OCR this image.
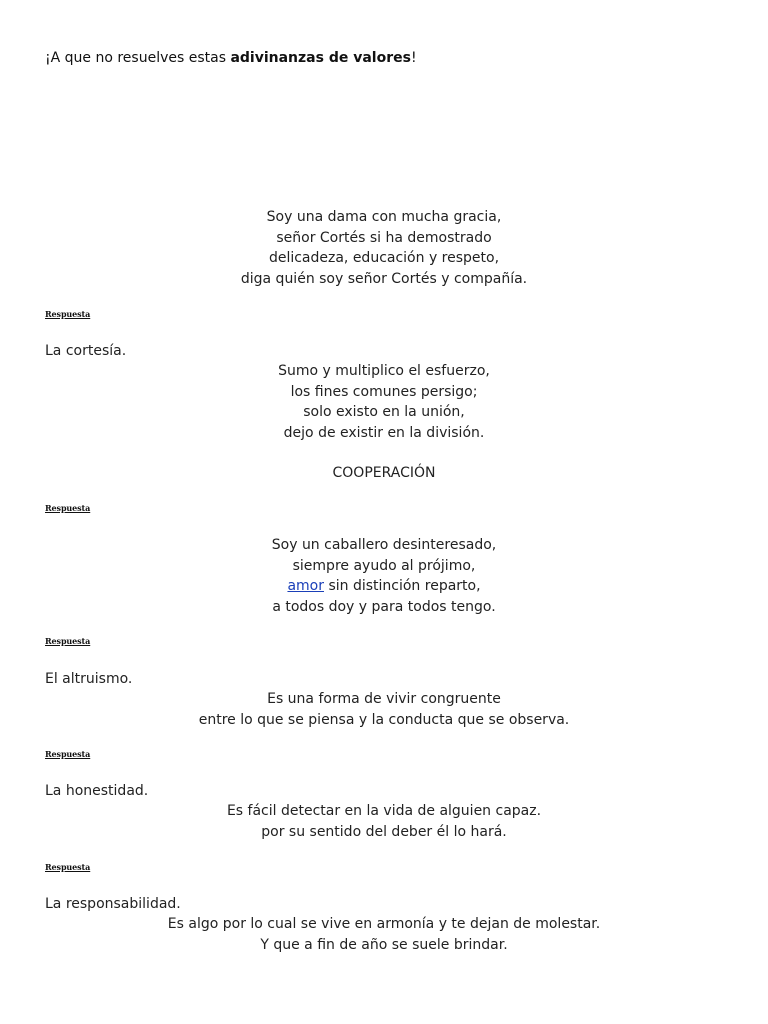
¡A que no resuelves estas adivinanzas de valores!
Soy una dama con mucha gracia,
señor Cortés si ha demostrado
delicadeza, educación y respeto,
diga quién soy señor Cortés y compañía.
Respuesta
La cortesía.
Sumo y multiplico el esfuerzo,
los fines comunes persigo;
solo existo en la unión,
dejo de existir en la división.
COOPERACIÓN
Respuesta
Soy un caballero desinteresado,
siempre ayudo al prójimo,
amor sin distinción reparto,
a todos doy y para todos tengo.
Respuesta
El altruismo.
Es una forma de vivir congruente
entre lo que se piensa y la conducta que se observa.
Respuesta
La honestidad.
Es fácil detectar en la vida de alguien capaz.
por su sentido del deber él lo hará.
Respuesta
La responsabilidad.
Es algo por lo cual se vive en armonía y te dejan de molestar.
Y que a fin de año se suele brindar.
